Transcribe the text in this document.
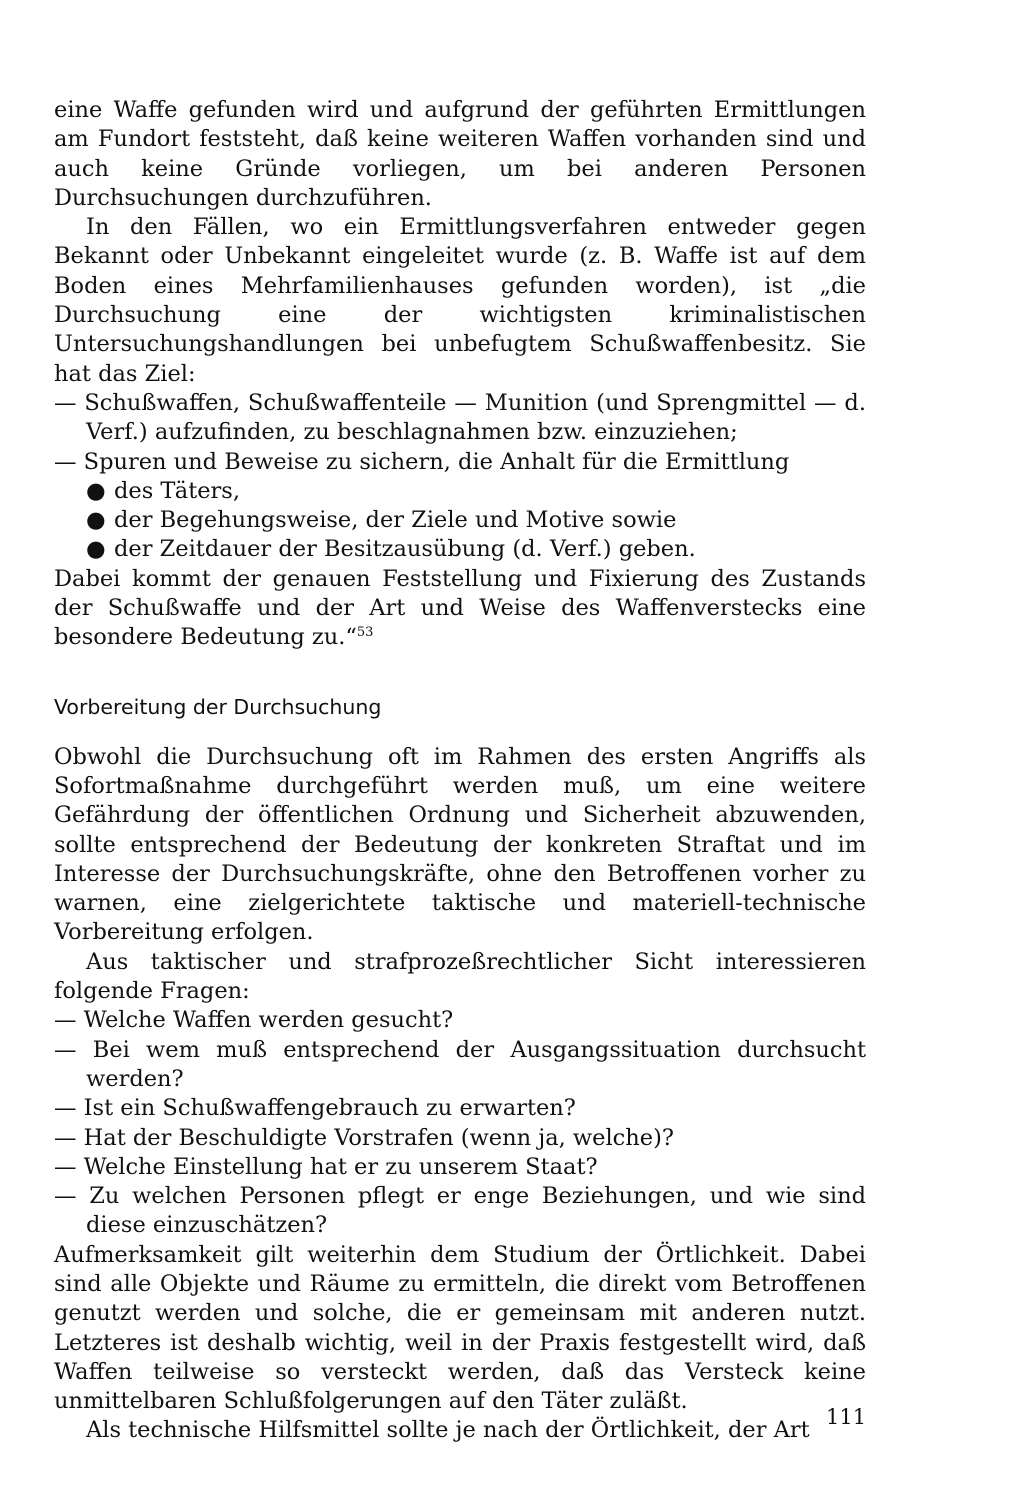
eine Waffe gefunden wird und aufgrund der geführten Ermittlungen am Fundort feststeht, daß keine weiteren Waffen vorhanden sind und auch keine Gründe vorliegen, um bei anderen Personen Durchsuchungen durchzuführen.

In den Fällen, wo ein Ermittlungsverfahren entweder gegen Bekannt oder Unbekannt eingeleitet wurde (z. B. Waffe ist auf dem Boden eines Mehrfamilienhauses gefunden worden), ist „die Durchsuchung eine der wichtigsten kriminalistischen Untersuchungshandlungen bei unbefugtem Schußwaffenbesitz. Sie hat das Ziel:

— Schußwaffen, Schußwaffenteile — Munition (und Sprengmittel — d. Verf.) aufzufinden, zu beschlagnahmen bzw. einzuziehen;

— Spuren und Beweise zu sichern, die Anhalt für die Ermittlung

● des Täters,

● der Begehungsweise, der Ziele und Motive sowie

● der Zeitdauer der Besitzausübung (d. Verf.) geben.

Dabei kommt der genauen Feststellung und Fixierung des Zustands der Schußwaffe und der Art und Weise des Waffenverstecks eine besondere Bedeutung zu.“$^{53}$

Vorbereitung der Durchsuchung

Obwohl die Durchsuchung oft im Rahmen des ersten Angriffs als Sofortmaßnahme durchgeführt werden muß, um eine weitere Gefährdung der öffentlichen Ordnung und Sicherheit abzuwenden, sollte entsprechend der Bedeutung der konkreten Straftat und im Interesse der Durchsuchungskräfte, ohne den Betroffenen vorher zu warnen, eine zielgerichtete taktische und materiell-technische Vorbereitung erfolgen.

Aus taktischer und strafprozeßrechtlicher Sicht interessieren folgende Fragen:

— Welche Waffen werden gesucht?

— Bei wem muß entsprechend der Ausgangssituation durchsucht werden?

— Ist ein Schußwaffengebrauch zu erwarten?

— Hat der Beschuldigte Vorstrafen (wenn ja, welche)?

— Welche Einstellung hat er zu unserem Staat?

— Zu welchen Personen pflegt er enge Beziehungen, und wie sind diese einzuschätzen?

Aufmerksamkeit gilt weiterhin dem Studium der Örtlichkeit. Dabei sind alle Objekte und Räume zu ermitteln, die direkt vom Betroffenen genutzt werden und solche, die er gemeinsam mit anderen nutzt. Letzteres ist deshalb wichtig, weil in der Praxis festgestellt wird, daß Waffen teilweise so versteckt werden, daß das Versteck keine unmittelbaren Schlußfolgerungen auf den Täter zuläßt.

Als technische Hilfsmittel sollte je nach der Örtlichkeit, der Art

111
